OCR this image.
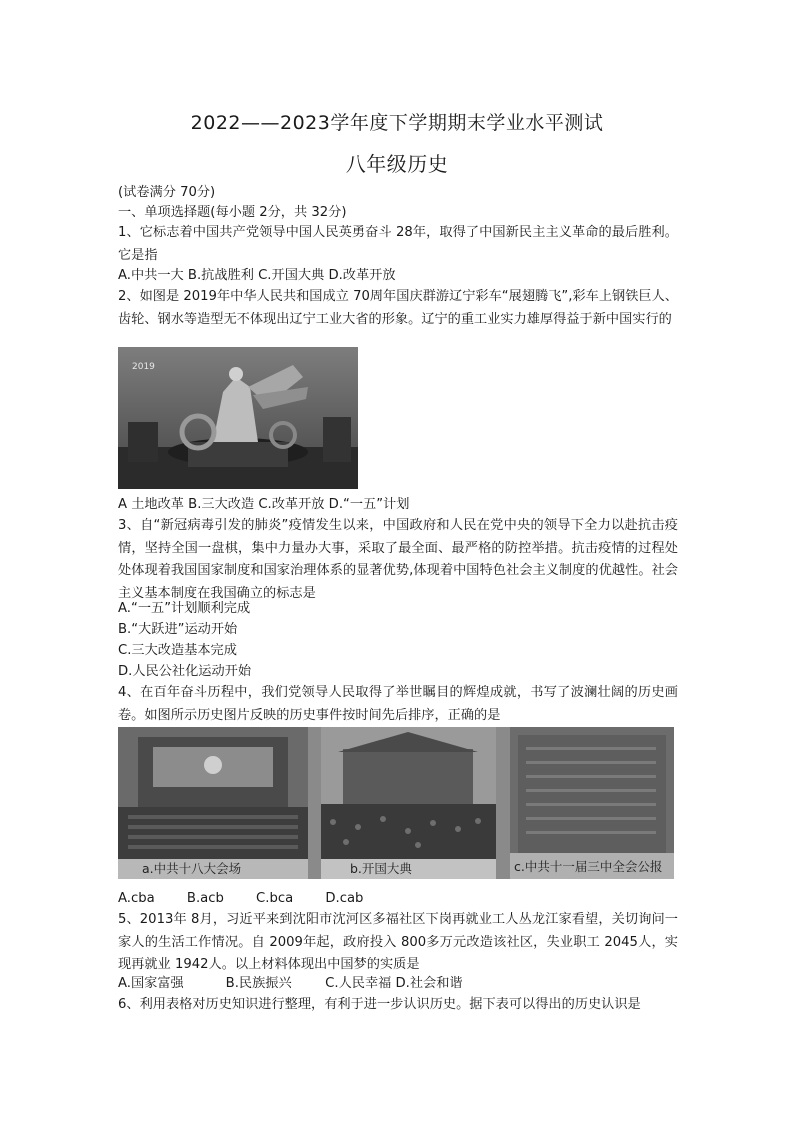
2022——2023学年度下学期期末学业水平测试
八年级历史
(试卷满分 70分)
一、单项选择题(每小题 2分，共 32分)
1、它标志着中国共产党领导中国人民英勇奋斗 28年，取得了中国新民主主义革命的最后胜利。它是指
A.中共一大 B.抗战胜利 C.开国大典 D.改革开放
2、如图是 2019年中华人民共和国成立 70周年国庆群游辽宁彩车“展翅腾飞”,彩车上钢铁巨人、齿轮、钢水等造型无不体现出辽宁工业大省的形象。辽宁的重工业实力雄厚得益于新中国实行的
2019
A 土地改革 B.三大改造 C.改革开放 D.“一五”计划
3、自“新冠病毒引发的肺炎”疫情发生以来，中国政府和人民在党中央的领导下全力以赴抗击疫情，坚持全国一盘棋，集中力量办大事，采取了最全面、最严格的防控举措。抗击疫情的过程处处体现着我国国家制度和国家治理体系的显著优势,体现着中国特色社会主义制度的优越性。社会主义基本制度在我国确立的标志是
A.“一五”计划顺利完成
B.“大跃进”运动开始
C.三大改造基本完成
D.人民公社化运动开始
4、在百年奋斗历程中，我们党领导人民取得了举世瞩目的辉煌成就，书写了波澜壮阔的历史画卷。如图所示历史图片反映的历史事件按时间先后排序，正确的是
a.中共十八大会场	b.开国大典	c.中共十一届三中全会公报
A.cba B.acb C.bca D.cab
5、2013年 8月，习近平来到沈阳市沈河区多福社区下岗再就业工人丛龙江家看望，关切询问一家人的生活工作情况。自 2009年起，政府投入 800多万元改造该社区，失业职工 2045人，实现再就业 1942人。以上材料体现出中国梦的实质是
A.国家富强          B.民族振兴        C.人民幸福 D.社会和谐
6、利用表格对历史知识进行整理，有利于进一步认识历史。据下表可以得出的历史认识是
